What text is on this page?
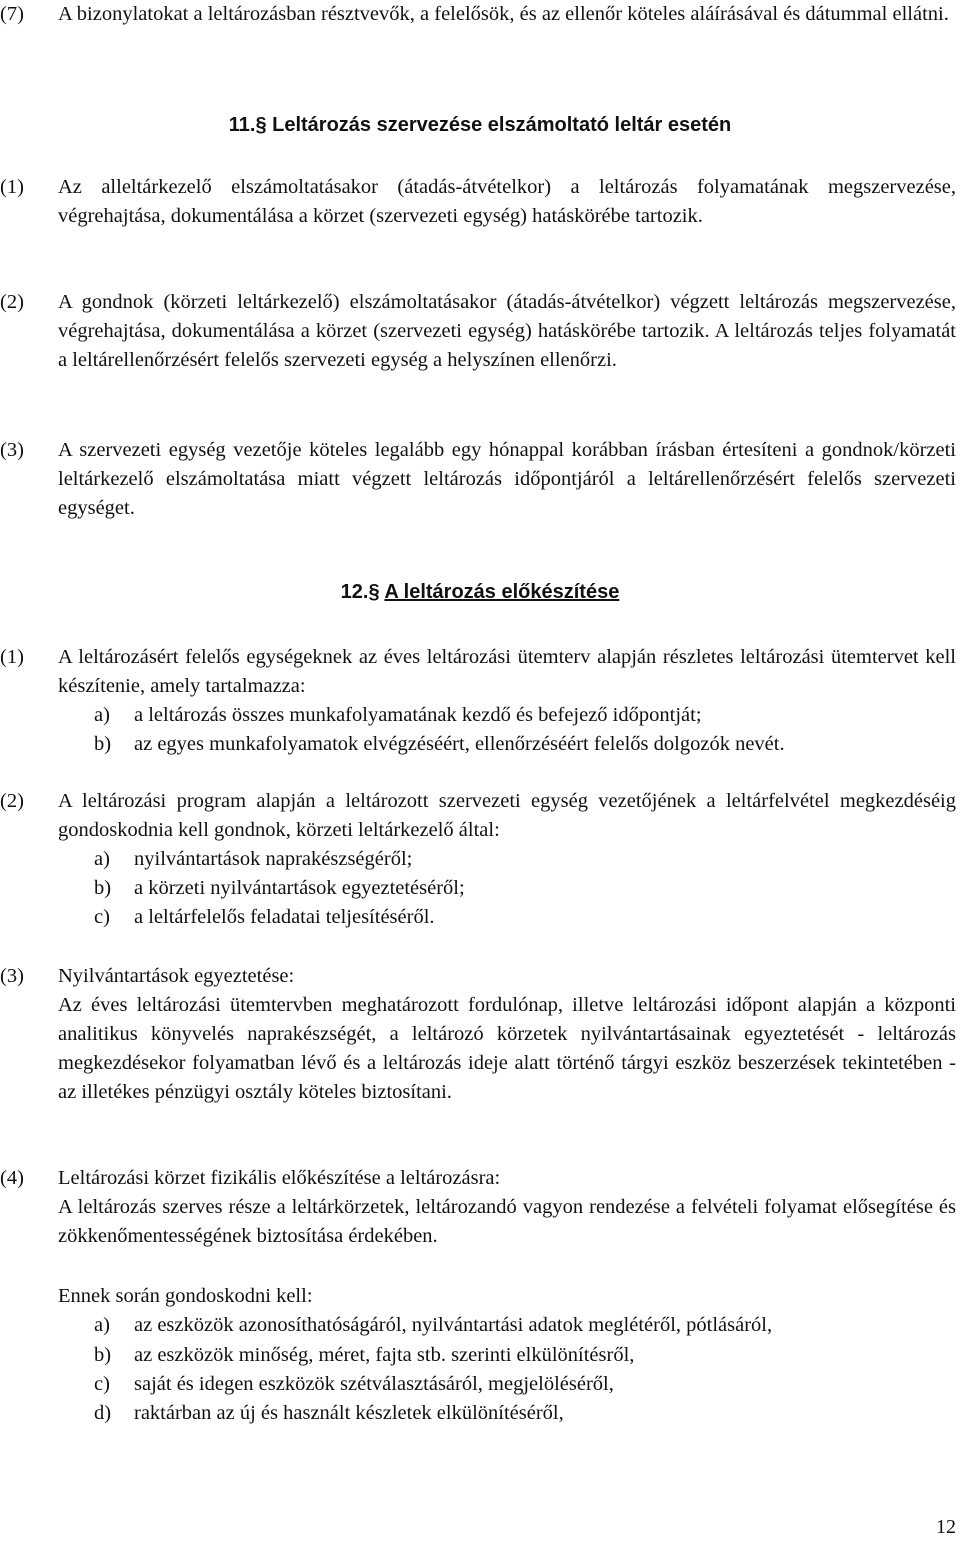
(7)	A bizonylatokat a leltározásban résztvevők, a felelősök, és az ellenőr köteles aláírásával és dátummal ellátni.
11.§ Leltározás szervezése elszámoltató leltár esetén
(1)	Az alleltárkezelő elszámoltatásakor (átadás-átvételkor) a leltározás folyamatának megszervezése, végrehajtása, dokumentálása a körzet (szervezeti egység) hatáskörébe tartozik.
(2)	A gondnok (körzeti leltárkezelő) elszámoltatásakor (átadás-átvételkor) végzett leltározás megszervezése, végrehajtása, dokumentálása a körzet (szervezeti egység) hatáskörébe tartozik. A leltározás teljes folyamatát a leltárellenőrzésért felelős szervezeti egység a helyszínen ellenőrzi.
(3)	A szervezeti egység vezetője köteles legalább egy hónappal korábban írásban értesíteni a gondnok/körzeti leltárkezelő elszámoltatása miatt végzett leltározás időpontjáról a leltárellenőrzésért felelős szervezeti egységet.
12.§ A leltározás előkészítése
(1)	A leltározásért felelős egységeknek az éves leltározási ütemterv alapján részletes leltározási ütemtervet kell készítenie, amely tartalmazza:
a) a leltározás összes munkafolyamatának kezdő és befejező időpontját;
b) az egyes munkafolyamatok elvégzéséért, ellenőrzéséért felelős dolgozók nevét.
(2)	A leltározási program alapján a leltározott szervezeti egység vezetőjének a leltárfelvétel megkezdéséig gondoskodnia kell gondnok, körzeti leltárkezelő által:
a) nyilvántartások naprakészségéről;
b) a körzeti nyilvántartások egyeztetéséről;
c) a leltárfelelős feladatai teljesítéséről.
(3)	Nyilvántartások egyeztetése:
Az éves leltározási ütemtervben meghatározott fordulónap, illetve leltározási időpont alapján a központi analitikus könyvelés naprakészségét, a leltározó körzetek nyilvántartásainak egyeztetését - leltározás megkezdésekor folyamatban lévő és a leltározás ideje alatt történő tárgyi eszköz beszerzések tekintetében - az illetékes pénzügyi osztály köteles biztosítani.
(4)	Leltározási körzet fizikális előkészítése a leltározásra:
A leltározás szerves része a leltárkörzetek, leltározandó vagyon rendezése a felvételi folyamat elősegítése és zökkenőmentességének biztosítása érdekében.
Ennek során gondoskodni kell:
a) az eszközök azonosíthatóságáról, nyilvántartási adatok meglétéről, pótlásáról,
b) az eszközök minőség, méret, fajta stb. szerinti elkülönítésről,
c) saját és idegen eszközök szétválasztásáról, megjelöléséről,
d) raktárban az új és használt készletek elkülönítéséről,
12
